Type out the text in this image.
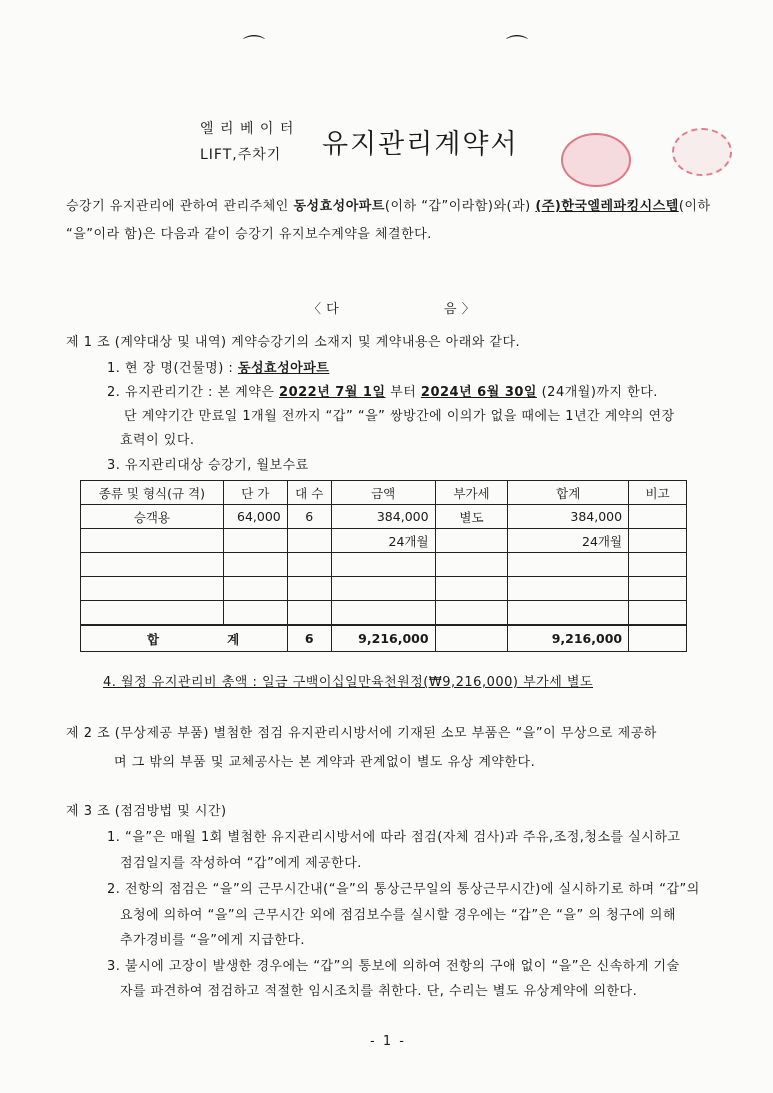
⌒	⌒
엘 리 베 이 터
LIFT,주차기 유지관리계약서
승강기 유지관리에 관하여 관리주체인 동성효성아파트(이하 “갑”이라함)와(과) (주)한국엘레파킹시스템(이하
“을”이라 함)은 다음과 같이 승강기 유지보수계약을 체결한다.
〈 다	음 〉
제 1 조 (계약대상 및 내역) 계약승강기의 소재지 및 계약내용은 아래와 같다.
1. 현 장 명(건물명) : 동성효성아파트
2. 유지관리기간 : 본 계약은 2022년 7월 1일 부터 2024년 6월 30일 (24개월)까지 한다.
단 계약기간 만료일 1개월 전까지 “갑” “을” 쌍방간에 이의가 없을 때에는 1년간 계약의 연장
효력이 있다.
3. 유지관리대상 승강기, 월보수료
종류 및 형식(규 격)	단 가	대 수	금액	부가세	합계	비고
승객용	64,000	6	384,000	별도	384,000	
			24개월		24개월	

합 계		6	9,216,000		9,216,000	
4. 월정 유지관리비 총액 : 일금 구백이십일만육천원정(₩9,216,000) 부가세 별도
제 2 조 (무상제공 부품) 별첨한 점검 유지관리시방서에 기재된 소모 부품은 “을”이 무상으로 제공하
며 그 밖의 부품 및 교체공사는 본 계약과 관계없이 별도 유상 계약한다.
제 3 조 (점검방법 및 시간)
1. “을”은 매월 1회 별첨한 유지관리시방서에 따라 점검(자체 검사)과 주유,조정,청소를 실시하고
점검일지를 작성하여 “갑”에게 제공한다.
2. 전항의 점검은 “을”의 근무시간내(“을”의 통상근무일의 통상근무시간)에 실시하기로 하며 “갑”의
요청에 의하여 “을”의 근무시간 외에 점검보수를 실시할 경우에는 “갑”은 “을” 의 청구에 의해
추가경비를 “을”에게 지급한다.
3. 불시에 고장이 발생한 경우에는 “갑”의 통보에 의하여 전항의 구애 없이 “을”은 신속하게 기술
자를 파견하여 점검하고 적절한 임시조치를 취한다. 단, 수리는 별도 유상계약에 의한다.
- 1 -
